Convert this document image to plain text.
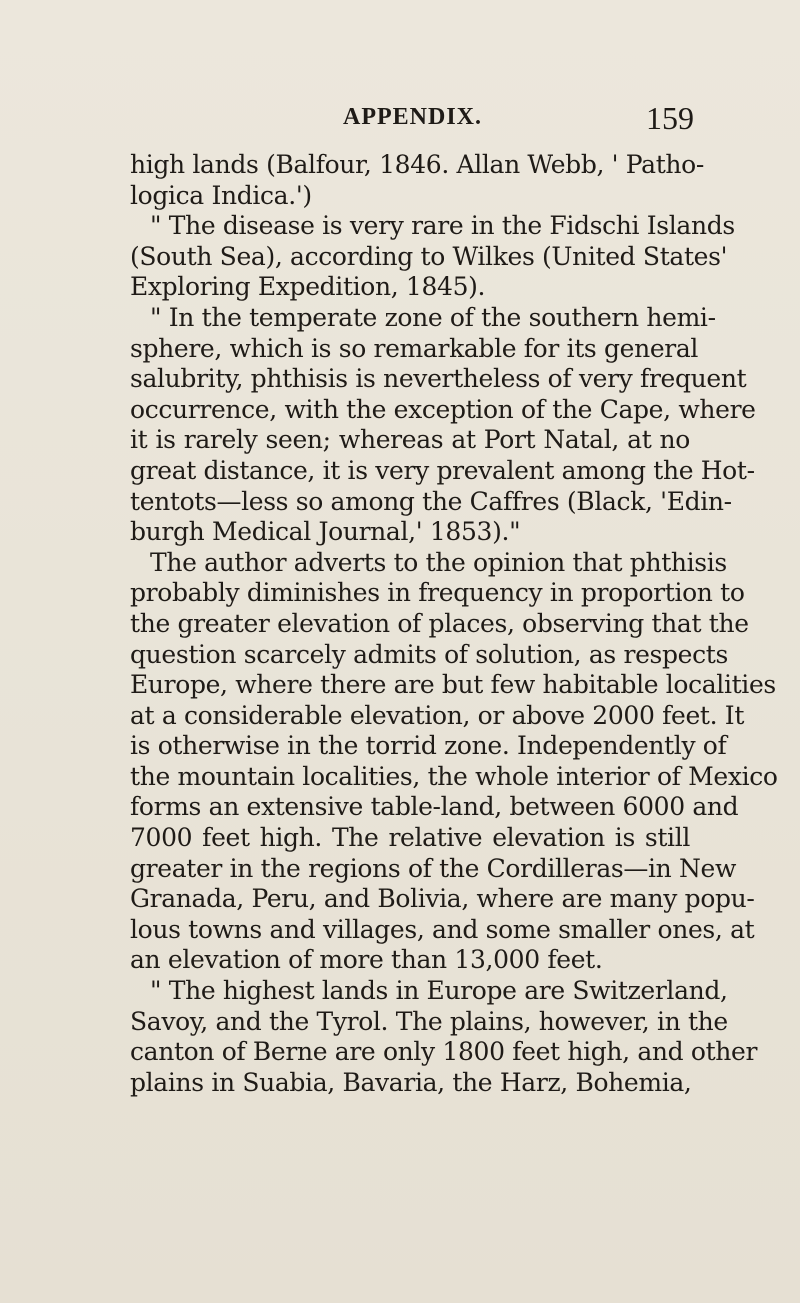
APPENDIX.	159
high lands (Balfour, 1846. Allan Webb, ' Patho-
logica Indica.')
" The disease is very rare in the Fidschi Islands
(South Sea), according to Wilkes (United States'
Exploring Expedition, 1845).
" In the temperate zone of the southern hemi-
sphere, which is so remarkable for its general
salubrity, phthisis is nevertheless of very frequent
occurrence, with the exception of the Cape, where
it is rarely seen; whereas at Port Natal, at no
great distance, it is very prevalent among the Hot-
tentots—less so among the Caffres (Black, 'Edin-
burgh Medical Journal,' 1853)."
The author adverts to the opinion that phthisis
probably diminishes in frequency in proportion to
the greater elevation of places, observing that the
question scarcely admits of solution, as respects
Europe, where there are but few habitable localities
at a considerable elevation, or above 2000 feet. It
is otherwise in the torrid zone. Independently of
the mountain localities, the whole interior of Mexico
forms an extensive table-land, between 6000 and
7000 feet high. The relative elevation is still
greater in the regions of the Cordilleras—in New
Granada, Peru, and Bolivia, where are many popu-
lous towns and villages, and some smaller ones, at
an elevation of more than 13,000 feet.
" The highest lands in Europe are Switzerland,
Savoy, and the Tyrol. The plains, however, in the
canton of Berne are only 1800 feet high, and other
plains in Suabia, Bavaria, the Harz, Bohemia,
